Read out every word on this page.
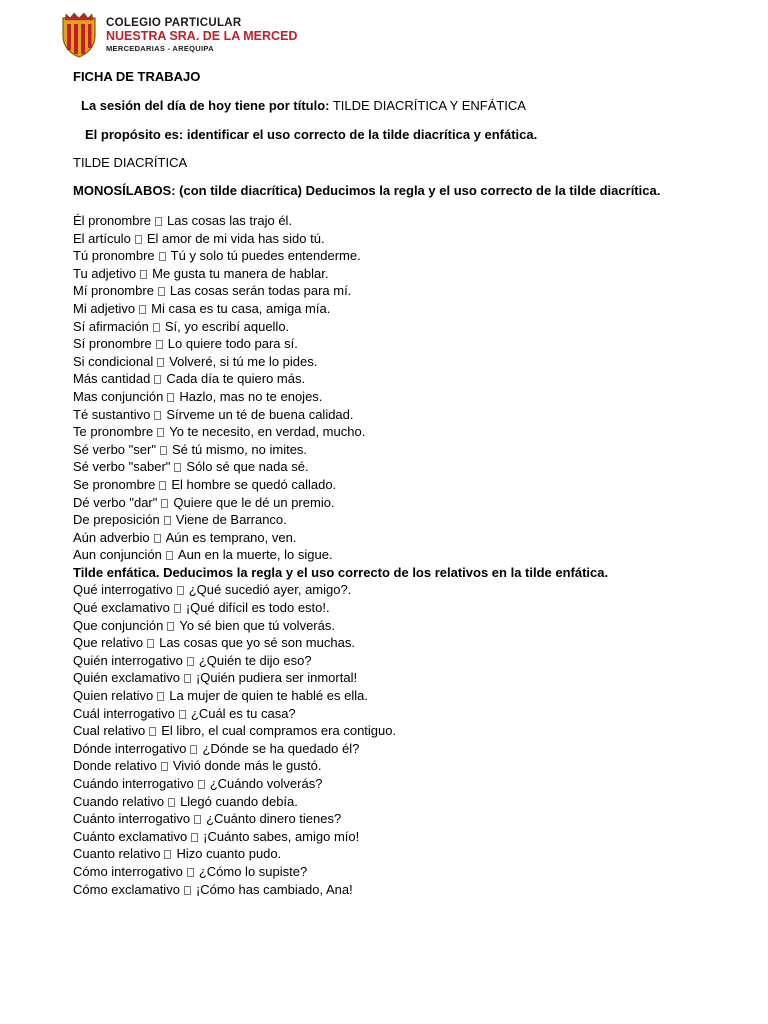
COLEGIO PARTICULAR
NUESTRA SRA. DE LA MERCED
MERCEDARIAS - AREQUIPA

FICHA DE TRABAJO

La sesión del día de hoy tiene por título: TILDE DIACRÍTICA Y ENFÁTICA

El propósito es: identificar el uso correcto de la tilde diacrítica y enfática.

TILDE DIACRÍTICA

MONOSÍLABOS: (con tilde diacrítica) Deducimos la regla y el uso correcto de la tilde diacrítica.

Él pronombre Las cosas las trajo él.
El artículo El amor de mi vida has sido tú.
Tú pronombre Tú y solo tú puedes entenderme.
Tu adjetivo Me gusta tu manera de hablar.
Mí pronombre Las cosas serán todas para mí.
Mi adjetivo Mi casa es tu casa, amiga mía.
Sí afirmación Sí, yo escribí aquello.
Sí pronombre Lo quiere todo para sí.
Si condicional Volveré, si tú me lo pides.
Más cantidad Cada día te quiero más.
Mas conjunción Hazlo, mas no te enojes.
Té sustantivo Sírveme un té de buena calidad.
Te pronombre Yo te necesito, en verdad, mucho.
Sé verbo "ser" Sé tú mismo, no imites.
Sé verbo "saber" Sólo sé que nada sé.
Se pronombre El hombre se quedó callado.
Dé verbo "dar" Quiere que le dé un premio.
De preposición Viene de Barranco.
Aún adverbio Aún es temprano, ven.
Aun conjunción Aun en la muerte, lo sigue.
Tilde enfática. Deducimos la regla y el uso correcto de los relativos en la tilde enfática.
Qué interrogativo ¿Qué sucedió ayer, amigo?.
Qué exclamativo ¡Qué difícil es todo esto!.
Que conjunción Yo sé bien que tú volverás.
Que relativo Las cosas que yo sé son muchas.
Quién interrogativo ¿Quién te dijo eso?
Quién exclamativo ¡Quién pudiera ser inmortal!
Quien relativo La mujer de quien te hablé es ella.
Cuál interrogativo ¿Cuál es tu casa?
Cual relativo El libro, el cual compramos era contiguo.
Dónde interrogativo ¿Dónde se ha quedado él?
Donde relativo Vivió donde más le gustó.
Cuándo interrogativo ¿Cuándo volverás?
Cuando relativo Llegó cuando debía.
Cuánto interrogativo ¿Cuánto dinero tienes?
Cuánto exclamativo ¡Cuánto sabes, amigo mío!
Cuanto relativo Hizo cuanto pudo.
Cómo interrogativo ¿Cómo lo supiste?
Cómo exclamativo ¡Cómo has cambiado, Ana!
